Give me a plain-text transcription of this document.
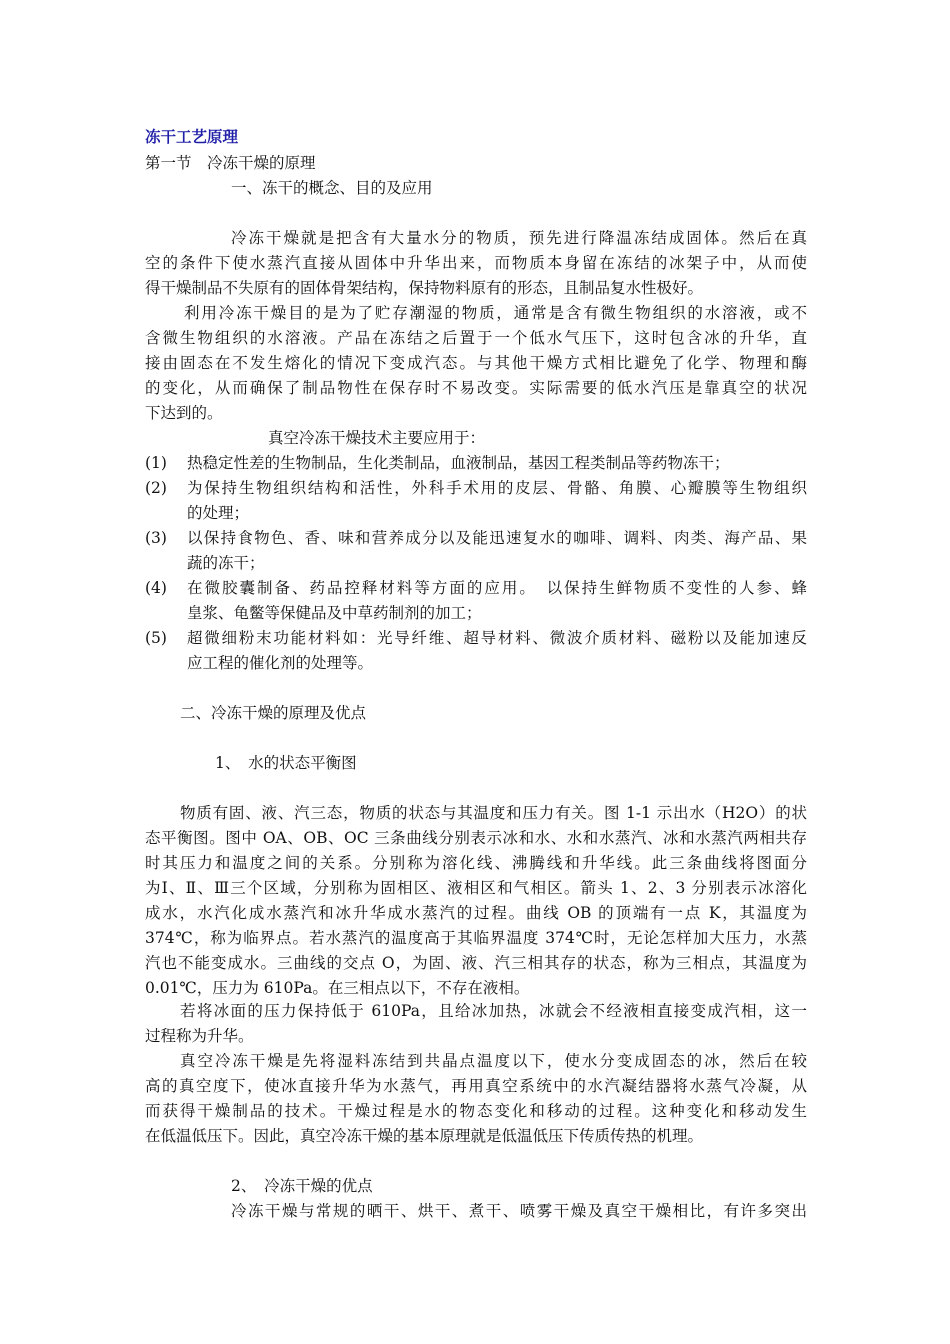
冻干工艺原理
第一节　冷冻干燥的原理
一、冻干的概念、目的及应用
冷冻干燥就是把含有大量水分的物质，预先进行降温冻结成固体。然后在真
空的条件下使水蒸汽直接从固体中升华出来，而物质本身留在冻结的冰架子中，从而使
得干燥制品不失原有的固体骨架结构，保持物料原有的形态，且制品复水性极好。
利用冷冻干燥目的是为了贮存潮湿的物质，通常是含有微生物组织的水溶液，或不
含微生物组织的水溶液。产品在冻结之后置于一个低水气压下，这时包含冰的升华，直
接由固态在不发生熔化的情况下变成汽态。与其他干燥方式相比避免了化学、物理和酶
的变化，从而确保了制品物性在保存时不易改变。实际需要的低水汽压是靠真空的状况
下达到的。
真空冷冻干燥技术主要应用于：
(1) 热稳定性差的生物制品，生化类制品，血液制品，基因工程类制品等药物冻干；
(2) 为保持生物组织结构和活性，外科手术用的皮层、骨骼、角膜、心瓣膜等生物组织
的处理；
(3) 以保持食物色、香、味和营养成分以及能迅速复水的咖啡、调料、肉类、海产品、果
蔬的冻干；
(4) 在微胶囊制备、药品控释材料等方面的应用。　以保持生鲜物质不变性的人参、蜂
皇浆、龟鳖等保健品及中草药制剂的加工；
(5) 超微细粉末功能材料如：光导纤维、超导材料、微波介质材料、磁粉以及能加速反
应工程的催化剂的处理等。
二、冷冻干燥的原理及优点
1、　水的状态平衡图
物质有固、液、汽三态，物质的状态与其温度和压力有关。图 1-1 示出水（H2O）的状
态平衡图。图中 OA、OB、OC 三条曲线分别表示冰和水、水和水蒸汽、冰和水蒸汽两相共存
时其压力和温度之间的关系。分别称为溶化线、沸腾线和升华线。此三条曲线将图面分
为Ⅰ、Ⅱ、Ⅲ三个区域，分别称为固相区、液相区和气相区。箭头 1、2、3 分别表示冰溶化
成水，水汽化成水蒸汽和冰升华成水蒸汽的过程。曲线 OB 的顶端有一点 K，其温度为
374℃，称为临界点。若水蒸汽的温度高于其临界温度 374℃时，无论怎样加大压力，水蒸
汽也不能变成水。三曲线的交点 O，为固、液、汽三相其存的状态，称为三相点，其温度为
0.01℃，压力为 610Pa。在三相点以下，不存在液相。
若将冰面的压力保持低于 610Pa，且给冰加热，冰就会不经液相直接变成汽相，这一
过程称为升华。
真空冷冻干燥是先将湿料冻结到共晶点温度以下，使水分变成固态的冰，然后在较
高的真空度下，使冰直接升华为水蒸气，再用真空系统中的水汽凝结器将水蒸气冷凝，从
而获得干燥制品的技术。干燥过程是水的物态变化和移动的过程。这种变化和移动发生
在低温低压下。因此，真空冷冻干燥的基本原理就是低温低压下传质传热的机理。
2、　冷冻干燥的优点
冷冻干燥与常规的晒干、烘干、煮干、喷雾干燥及真空干燥相比，有许多突出
